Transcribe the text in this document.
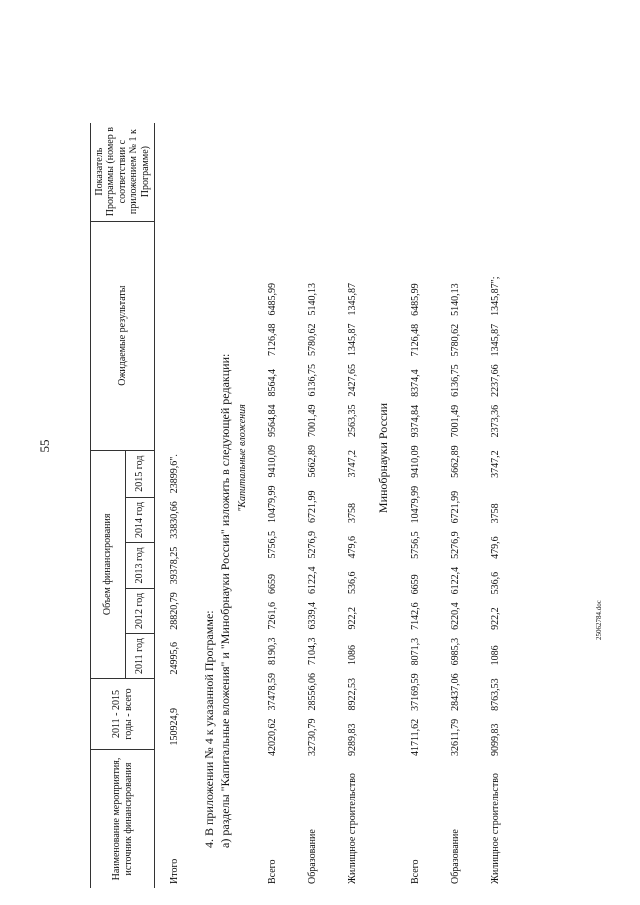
55
25062784.doc
Наименование мероприятия, источник финансирования	2011 - 2015 годы - всего	Объем финансирования					Ожидаемые результаты	Показатель Программы (номер в соответствии с приложением № 1 к Программе)
		2011 год	2012 год	2013 год	2014 год	2015 год		
Итого	150924,9	24995,6	28820,79	39378,25	33830,66	23899,6".		
4. В приложении № 4 к указанной Программе: а) разделы "Капитальные вложения" и "Минобрнауки России" изложить в следующей редакции: "Капитальные вложения
Всего	42020,62	37478,59	8190,3	7261,6	6659	5756,5	10479,99	9410,09	9564,84	8564,4	7126,48	6485,99
Образование	32730,79	28556,06	7104,3	6339,4	6122,4	5276,9	6721,99	5662,89	7001,49	6136,75	5780,62	5140,13
Жилищное строительство	9289,83	8922,53	1086	922,2	536,6	479,6	3758	3747,2	2563,35	2427,65	1345,87	1345,87
Минобрнауки России
Всего	41711,62	37169,59	8071,3	7142,6	6659	5756,5	10479,99	9410,09	9374,84	8374,4	7126,48	6485,99
Образование	32611,79	28437,06	6985,3	6220,4	6122,4	5276,9	6721,99	5662,89	7001,49	6136,75	5780,62	5140,13
Жилищное строительство	9099,83	8763,53	1086	922,2	536,6	479,6	3758	3747,2	2373,36	2237,66	1345,87	1345,87";
